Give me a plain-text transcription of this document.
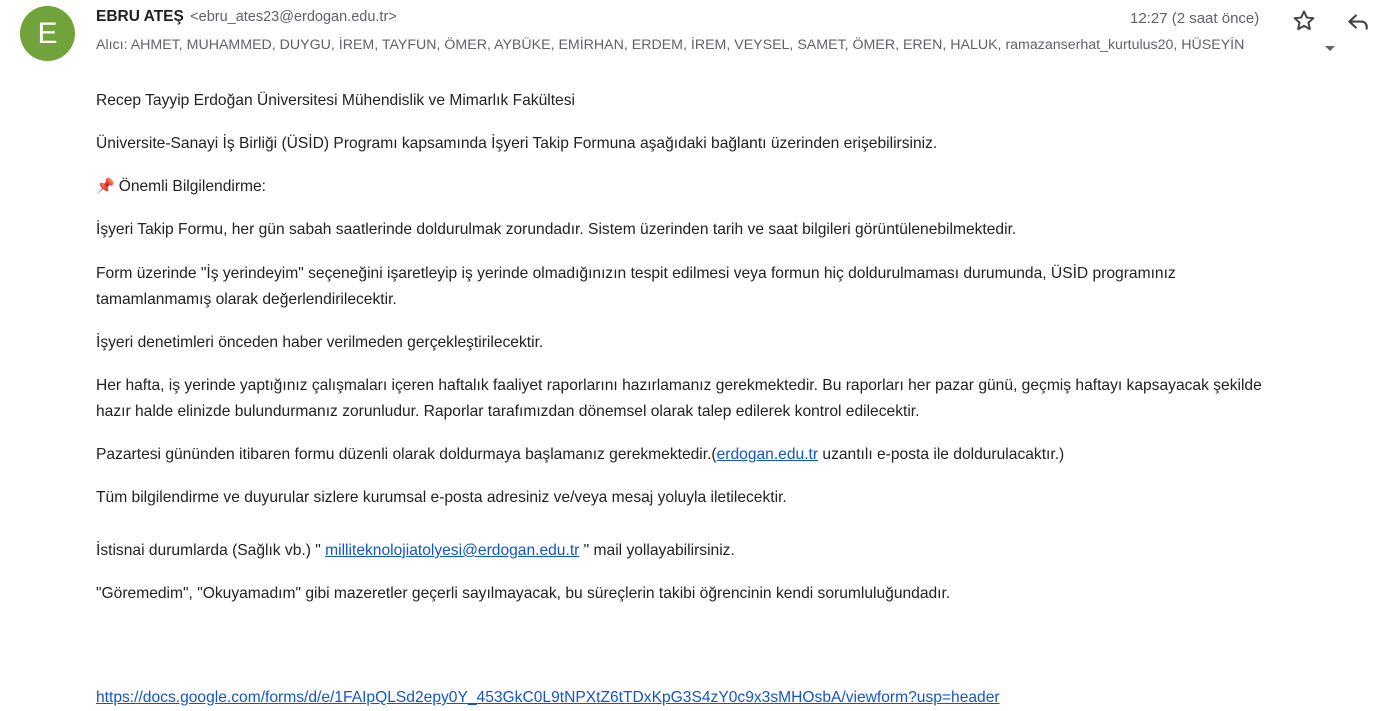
E
EBRU ATEŞ <ebru_ates23@erdogan.edu.tr>	12:27 (2 saat önce)
Alıcı: AHMET, MUHAMMED, DUYGU, İREM, TAYFUN, ÖMER, AYBÜKE, EMİRHAN, ERDEM, İREM, VEYSEL, SAMET, ÖMER, EREN, HALUK, ramazanserhat_kurtulus20, HÜSEYİN

Recep Tayyip Erdoğan Üniversitesi Mühendislik ve Mimarlık Fakültesi

Üniversite-Sanayi İş Birliği (ÜSİD) Programı kapsamında İşyeri Takip Formuna aşağıdaki bağlantı üzerinden erişebilirsiniz.

📌 Önemli Bilgilendirme:

İşyeri Takip Formu, her gün sabah saatlerinde doldurulmak zorundadır. Sistem üzerinden tarih ve saat bilgileri görüntülenebilmektedir.

Form üzerinde "İş yerindeyim" seçeneğini işaretleyip iş yerinde olmadığınızın tespit edilmesi veya formun hiç doldurulmaması durumunda, ÜSİD programınız

tamamlanmamış olarak değerlendirilecektir.

İşyeri denetimleri önceden haber verilmeden gerçekleştirilecektir.

Her hafta, iş yerinde yaptığınız çalışmaları içeren haftalık faaliyet raporlarını hazırlamanız gerekmektedir. Bu raporları her pazar günü, geçmiş haftayı kapsayacak şekilde

hazır halde elinizde bulundurmanız zorunludur. Raporlar tarafımızdan dönemsel olarak talep edilerek kontrol edilecektir.

Pazartesi gününden itibaren formu düzenli olarak doldurmaya başlamanız gerekmektedir.(erdogan.edu.tr uzantılı e-posta ile doldurulacaktır.)

Tüm bilgilendirme ve duyurular sizlere kurumsal e-posta adresiniz ve/veya mesaj yoluyla iletilecektir.

İstisnai durumlarda (Sağlık vb.) " milliteknolojiatolyesi@erdogan.edu.tr " mail yollayabilirsiniz.

"Göremedim", "Okuyamadım" gibi mazeretler geçerli sayılmayacak, bu süreçlerin takibi öğrencinin kendi sorumluluğundadır.

https://docs.google.com/forms/d/e/1FAIpQLSd2epy0Y_453GkC0L9tNPXtZ6tTDxKpG3S4zY0c9x3sMHOsbA/viewform?usp=header
